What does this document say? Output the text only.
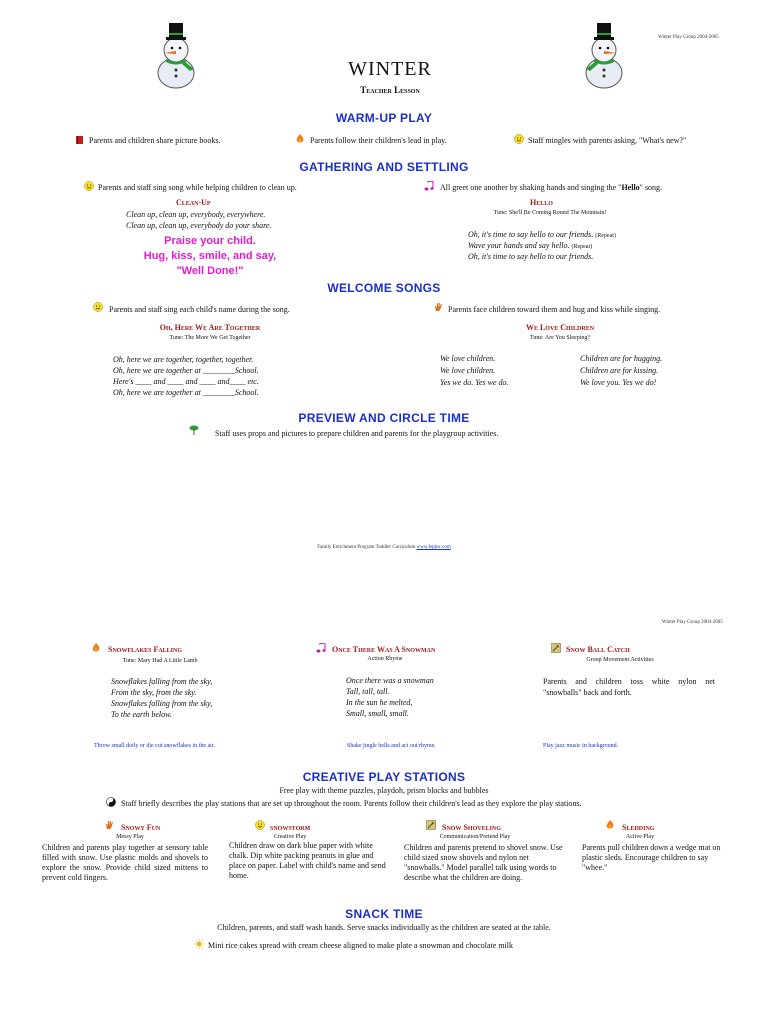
Winter Play Group 2004-2005
WINTER
Teacher Lesson
WARM-UP PLAY
Parents and children share picture books.	Parents follow their children's lead in play.	Staff mingles with parents asking, "What's new?"
GATHERING AND SETTLING
Parents and staff sing song while helping children to clean up.	All greet one another by shaking hands and singing the "Hello" song.
Clean-Up
Clean up, clean up, everybody, everywhere.
Clean up, clean up, everybody do your share.
Praise your child.
Hug, kiss, smile, and say,
"Well Done!"
Hello
Tune: She'll Be Coming Round The Mountain!
Oh, it's time to say hello to our friends. (Repeat)
Wave your hands and say hello. (Repeat)
Oh, it's time to say hello to our friends.
WELCOME SONGS
Parents and staff sing each child's name during the song.	Parents face children toward them and hug and kiss while singing.
Oh, Here We Are Together
Tune: The More We Get Together
Oh, here we are together, together, together.
Oh, here we are together at ________School.
Here's ____ and ____ and ____ and____ etc.
Oh, here we are together at ________School.
We Love Children
Tune: Are You Sleeping?
We love children.
We love children.
Yes we do. Yes we do.
Children are for hugging.
Children are for kissing.
We love you. Yes we do!
PREVIEW AND CIRCLE TIME
Staff uses props and pictures to prepare children and parents for the playgroup activities.
Family Enrichment Program Toddler Curriculum www.fepinc.com
Winter Play Group 2004-2005
Snowflakes Falling
Tune: Mary Had A Little Lamb
Snowflakes falling from the sky,
From the sky, from the sky.
Snowflakes falling from the sky,
To the earth below.
Throw small doily or die cut snowflakes in the air.
Once There Was A Snowman
Action Rhyme
Once there was a snowman
Tall, tall, tall.
In the sun he melted,
Small, small, small.
Shake jingle bells and act out rhyme.
Snow Ball Catch
Group Movement Activities
Parents and children toss white nylon net "snowballs" back and forth.
Play jazz music in background.
CREATIVE PLAY STATIONS
Free play with theme puzzles, playdoh, prism blocks and bubbles
Staff briefly describes the play stations that are set up throughout the room. Parents follow their children's lead as they explore the play stations.
Snowy Fun
Messy Play
Children and parents play together at sensory table filled with snow. Use plastic molds and shovels to explore the snow. Provide child sized mittens to prevent cold fingers.
snowstorm
Creative Play
Children draw on dark blue paper with white chalk. Dip white packing peanuts in glue and place on paper. Label with child's name and send home.
Snow Shoveling
Communication/Pretend Play
Children and parents pretend to shovel snow. Use child sized snow shovels and nylon net "snowballs." Model parallel talk using words to describe what the children are doing.
Sledding
Active Play
Parents pull children down a wedge mat on plastic sleds. Encourage children to say "whee."
SNACK TIME
Children, parents, and staff wash hands. Serve snacks individually as the children are seated at the table.
Mini rice cakes spread with cream cheese aligned to make plate a snowman and chocolate milk
